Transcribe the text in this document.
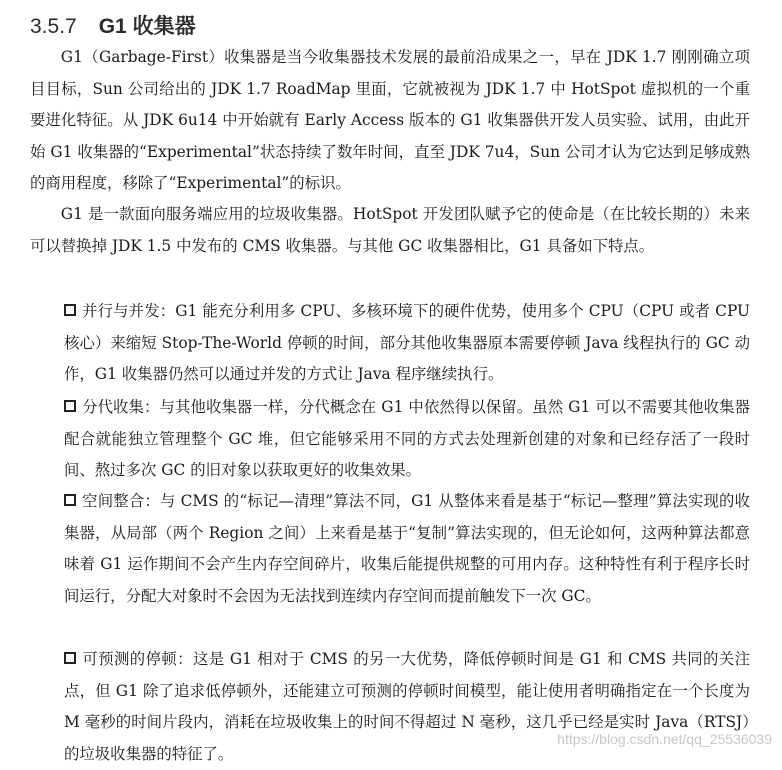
3.5.7 G1 收集器

G1（Garbage-First）收集器是当今收集器技术发展的最前沿成果之一，早在 JDK 1.7 刚刚确立项目目标，Sun 公司给出的 JDK 1.7 RoadMap 里面，它就被视为 JDK 1.7 中 HotSpot 虚拟机的一个重要进化特征。从 JDK 6u14 中开始就有 Early Access 版本的 G1 收集器供开发人员实验、试用，由此开始 G1 收集器的“Experimental”状态持续了数年时间，直至 JDK 7u4，Sun 公司才认为它达到足够成熟的商用程度，移除了“Experimental”的标识。

G1 是一款面向服务端应用的垃圾收集器。HotSpot 开发团队赋予它的使命是（在比较长期的）未来可以替换掉 JDK 1.5 中发布的 CMS 收集器。与其他 GC 收集器相比，G1 具备如下特点。

并行与并发：G1 能充分利用多 CPU、多核环境下的硬件优势，使用多个 CPU（CPU 或者 CPU 核心）来缩短 Stop-The-World 停顿的时间，部分其他收集器原本需要停顿 Java 线程执行的 GC 动作，G1 收集器仍然可以通过并发的方式让 Java 程序继续执行。

分代收集：与其他收集器一样，分代概念在 G1 中依然得以保留。虽然 G1 可以不需要其他收集器配合就能独立管理整个 GC 堆，但它能够采用不同的方式去处理新创建的对象和已经存活了一段时间、熬过多次 GC 的旧对象以获取更好的收集效果。

空间整合：与 CMS 的“标记—清理”算法不同，G1 从整体来看是基于“标记—整理”算法实现的收集器，从局部（两个 Region 之间）上来看是基于“复制”算法实现的，但无论如何，这两种算法都意味着 G1 运作期间不会产生内存空间碎片，收集后能提供规整的可用内存。这种特性有利于程序长时间运行，分配大对象时不会因为无法找到连续内存空间而提前触发下一次 GC。

可预测的停顿：这是 G1 相对于 CMS 的另一大优势，降低停顿时间是 G1 和 CMS 共同的关注点，但 G1 除了追求低停顿外，还能建立可预测的停顿时间模型，能让使用者明确指定在一个长度为 M 毫秒的时间片段内，消耗在垃圾收集上的时间不得超过 N 毫秒，这几乎已经是实时 Java（RTSJ）的垃圾收集器的特征了。

https://blog.csdn.net/qq_25536039
